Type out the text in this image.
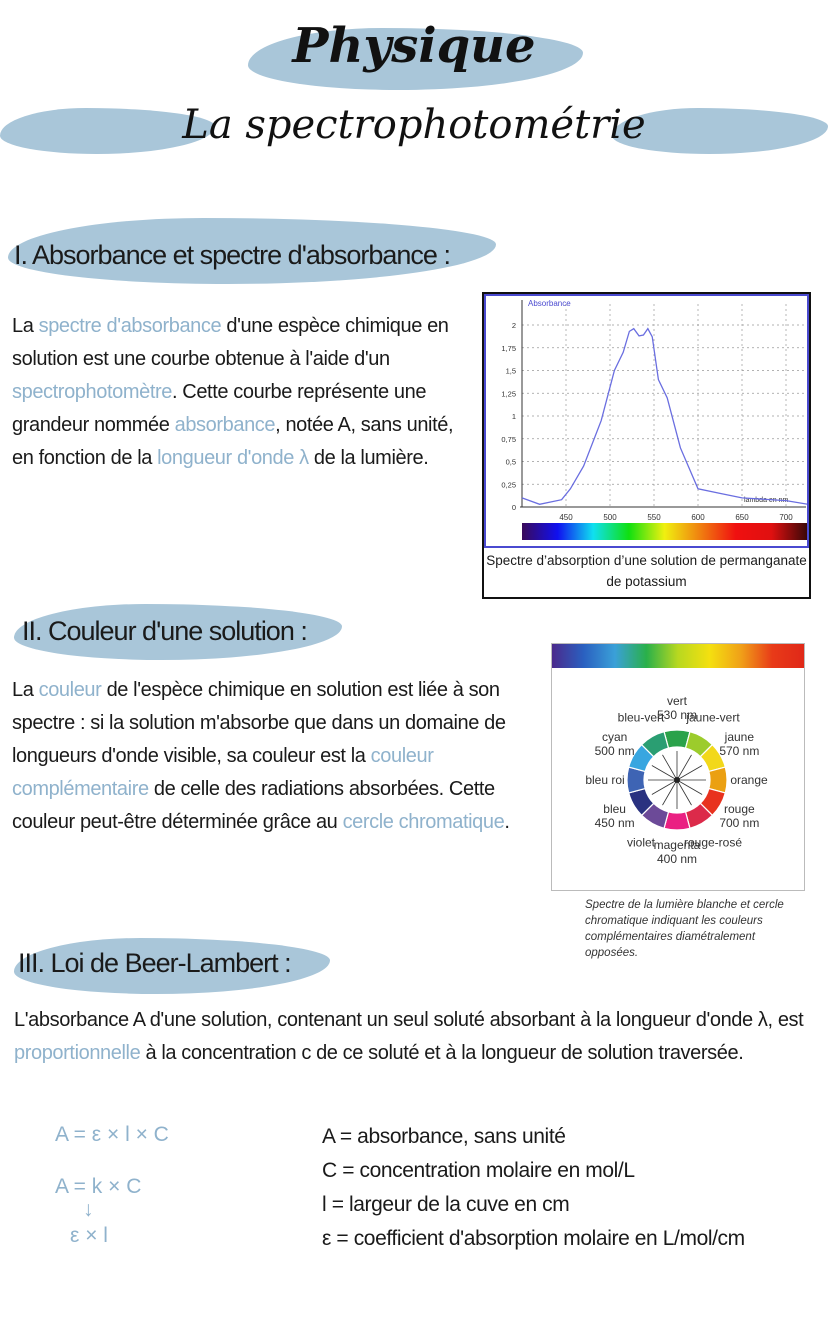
Physique
La spectrophotométrie
I. Absorbance et spectre d'absorbance :
La spectre d'absorbance d'une espèce chimique en solution est une courbe obtenue à l'aide d'un spectrophotomètre. Cette courbe représente une grandeur nommée absorbance, notée A, sans unité, en fonction de la longueur d'onde λ de la lumière.
450	500	550	600	650	700
0
0,25
0,5
0,75
1
1,25
1,5
1,75
2
Absorbance
lambda en nm
Spectre d’absorption d’une solution de permanganate de potassium
II. Couleur d'une solution :
La couleur de l'espèce chimique en solution est liée à son spectre : si la solution m'absorbe que dans un domaine de longueurs d'onde visible, sa couleur est la couleur complémentaire de celle des radiations absorbées. Cette couleur peut-être déterminée grâce au cercle chromatique.
vert
530 nm
jaune-vert
jaune
570 nm
orange
rouge
700 nm
rouge-rosé
magenta
400 nm
violet
bleu
450 nm
bleu roi
cyan
500 nm
bleu-vert
Spectre de la lumière blanche et cercle chromatique indiquant les couleurs complémentaires diamétralement opposées.
III. Loi de Beer-Lambert :
L'absorbance A d'une solution, contenant un seul soluté absorbant à la longueur d'onde λ, est proportionnelle à la concentration c de ce soluté et à la longueur de solution traversée.
A = ε × l × C
A = k × C
↓
ε × l
A = absorbance, sans unité
C = concentration molaire en mol/L
l = largeur de la cuve en cm
ε = coefficient d'absorption molaire en L/mol/cm
